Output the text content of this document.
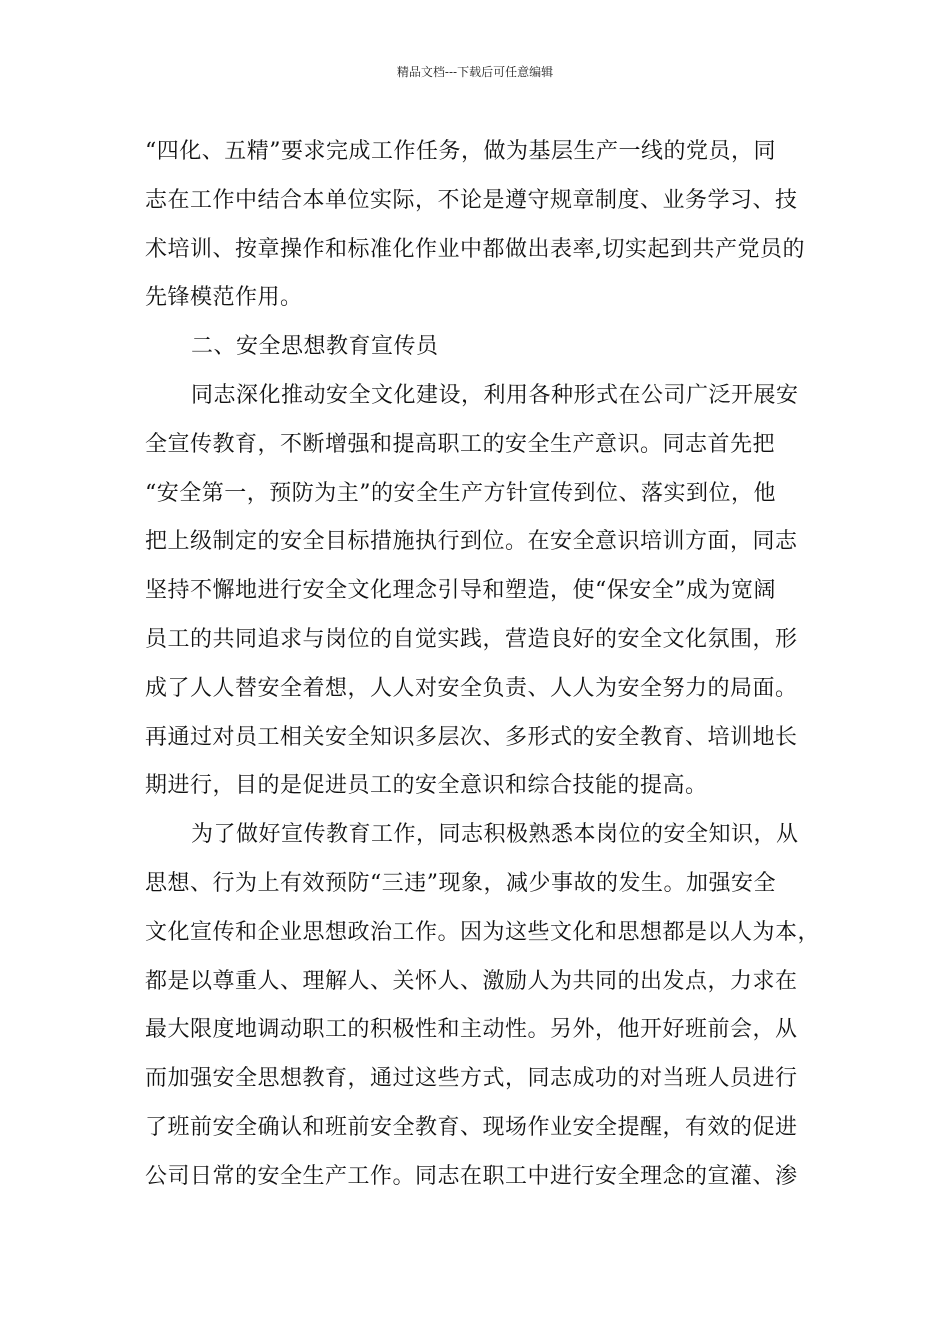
精品文档---下载后可任意编辑
“四化、五精”要求完成工作任务，做为基层生产一线的党员，同
志在工作中结合本单位实际，不论是遵守规章制度、业务学习、技
术培训、按章操作和标准化作业中都做出表率,切实起到共产党员的
先锋模范作用。
二、安全思想教育宣传员
同志深化推动安全文化建设，利用各种形式在公司广泛开展安
全宣传教育，不断增强和提高职工的安全生产意识。同志首先把
“安全第一，预防为主”的安全生产方针宣传到位、落实到位，他
把上级制定的安全目标措施执行到位。在安全意识培训方面，同志
坚持不懈地进行安全文化理念引导和塑造，使“保安全”成为宽阔
员工的共同追求与岗位的自觉实践，营造良好的安全文化氛围，形
成了人人替安全着想，人人对安全负责、人人为安全努力的局面。
再通过对员工相关安全知识多层次、多形式的安全教育、培训地长
期进行，目的是促进员工的安全意识和综合技能的提高。
为了做好宣传教育工作，同志积极熟悉本岗位的安全知识，从
思想、行为上有效预防“三违”现象，减少事故的发生。加强安全
文化宣传和企业思想政治工作。因为这些文化和思想都是以人为本，
都是以尊重人、理解人、关怀人、激励人为共同的出发点，力求在
最大限度地调动职工的积极性和主动性。另外，他开好班前会，从
而加强安全思想教育，通过这些方式，同志成功的对当班人员进行
了班前安全确认和班前安全教育、现场作业安全提醒，有效的促进
公司日常的安全生产工作。同志在职工中进行安全理念的宣灌、渗
